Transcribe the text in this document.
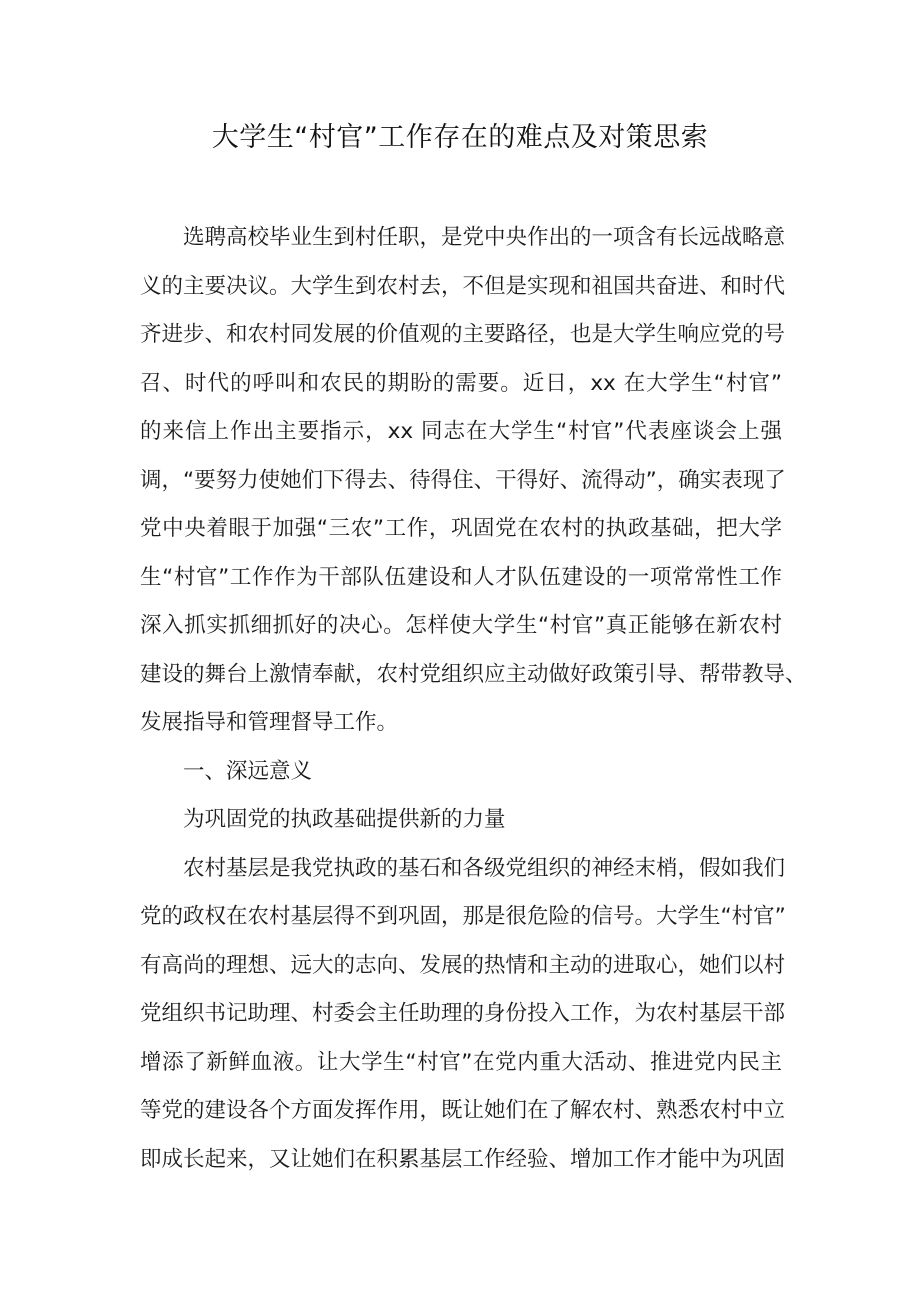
大学生“村官”工作存在的难点及对策思索
选聘高校毕业生到村任职，是党中央作出的一项含有长远战略意
义的主要决议。大学生到农村去，不但是实现和祖国共奋进、和时代
齐进步、和农村同发展的价值观的主要路径，也是大学生响应党的号
召、时代的呼叫和农民的期盼的需要。近日，xx 在大学生“村官”
的来信上作出主要指示，xx 同志在大学生“村官”代表座谈会上强
调，“要努力使她们下得去、待得住、干得好、流得动”，确实表现了
党中央着眼于加强“三农”工作，巩固党在农村的执政基础，把大学
生“村官”工作作为干部队伍建设和人才队伍建设的一项常常性工作
深入抓实抓细抓好的决心。怎样使大学生“村官”真正能够在新农村
建设的舞台上激情奉献，农村党组织应主动做好政策引导、帮带教导、
发展指导和管理督导工作。
一、深远意义
为巩固党的执政基础提供新的力量
农村基层是我党执政的基石和各级党组织的神经末梢，假如我们
党的政权在农村基层得不到巩固，那是很危险的信号。大学生“村官”
有高尚的理想、远大的志向、发展的热情和主动的进取心，她们以村
党组织书记助理、村委会主任助理的身份投入工作，为农村基层干部
增添了新鲜血液。让大学生“村官”在党内重大活动、推进党内民主
等党的建设各个方面发挥作用，既让她们在了解农村、熟悉农村中立
即成长起来，又让她们在积累基层工作经验、增加工作才能中为巩固
